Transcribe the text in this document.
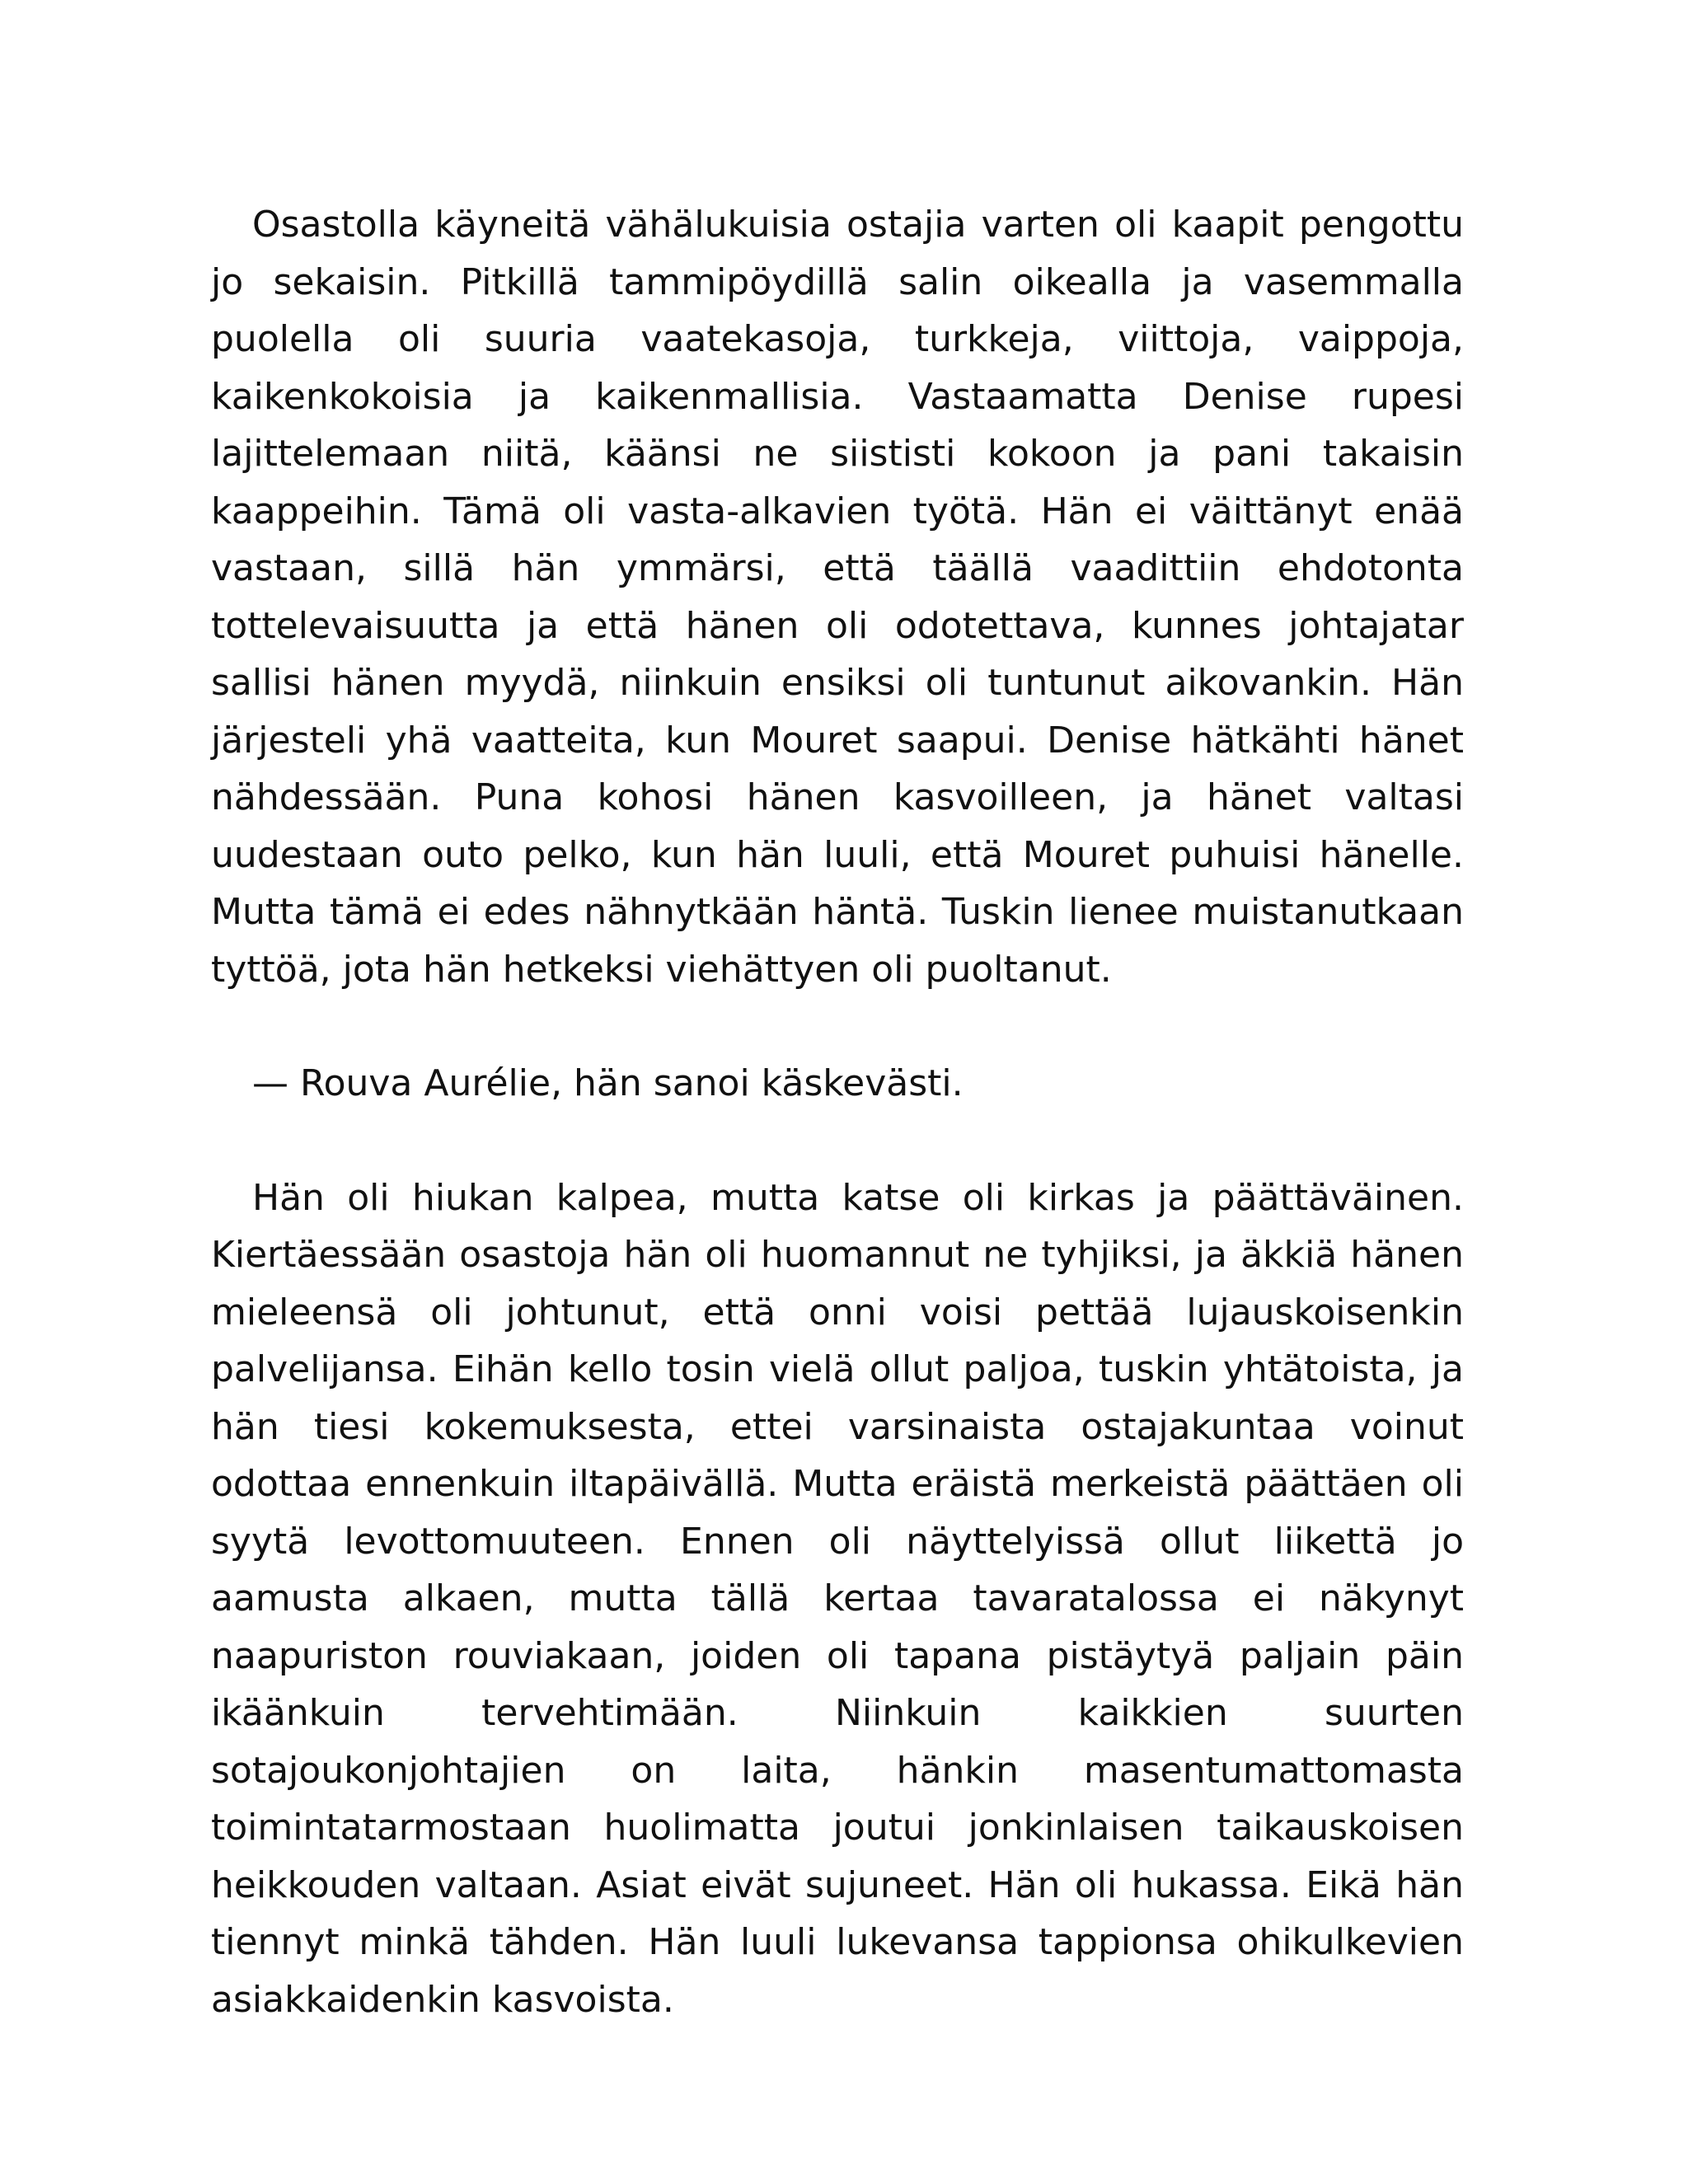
Osastolla käyneitä vähälukuisia ostajia varten oli kaapit pengottu jo sekaisin. Pitkillä tammipöydillä salin oikealla ja vasemmalla puolella oli suuria vaatekasoja, turkkeja, viittoja, vaippoja, kaikenkokoisia ja kaikenmallisia. Vastaamatta Denise rupesi lajittelemaan niitä, käänsi ne siististi kokoon ja pani takaisin kaappeihin. Tämä oli vasta-alkavien työtä. Hän ei väittänyt enää vastaan, sillä hän ymmärsi, että täällä vaadittiin ehdotonta tottelevaisuutta ja että hänen oli odotettava, kunnes johtajatar sallisi hänen myydä, niinkuin ensiksi oli tuntunut aikovankin. Hän järjesteli yhä vaatteita, kun Mouret saapui. Denise hätkähti hänet nähdessään. Puna kohosi hänen kasvoilleen, ja hänet valtasi uudestaan outo pelko, kun hän luuli, että Mouret puhuisi hänelle. Mutta tämä ei edes nähnytkään häntä. Tuskin lienee muistanutkaan tyttöä, jota hän hetkeksi viehättyen oli puoltanut.

— Rouva Aurélie, hän sanoi käskevästi.

Hän oli hiukan kalpea, mutta katse oli kirkas ja päättäväinen. Kiertäessään osastoja hän oli huomannut ne tyhjiksi, ja äkkiä hänen mieleensä oli johtunut, että onni voisi pettää lujauskoisenkin palvelijansa. Eihän kello tosin vielä ollut paljoa, tuskin yhtätoista, ja hän tiesi kokemuksesta, ettei varsinaista ostajakuntaa voinut odottaa ennenkuin iltapäivällä. Mutta eräistä merkeistä päättäen oli syytä levottomuuteen. Ennen oli näyttelyissä ollut liikettä jo aamusta alkaen, mutta tällä kertaa tavaratalossa ei näkynyt naapuriston rouviakaan, joiden oli tapana pistäytyä paljain päin ikäänkuin tervehtimään. Niinkuin kaikkien suurten sotajoukonjohtajien on laita, hänkin masentumattomasta toimintatarmostaan huolimatta joutui jonkinlaisen taikauskoisen heikkouden valtaan. Asiat eivät sujuneet. Hän oli hukassa. Eikä hän tiennyt minkä tähden. Hän luuli lukevansa tappionsa ohikulkevien asiakkaidenkin kasvoista.
